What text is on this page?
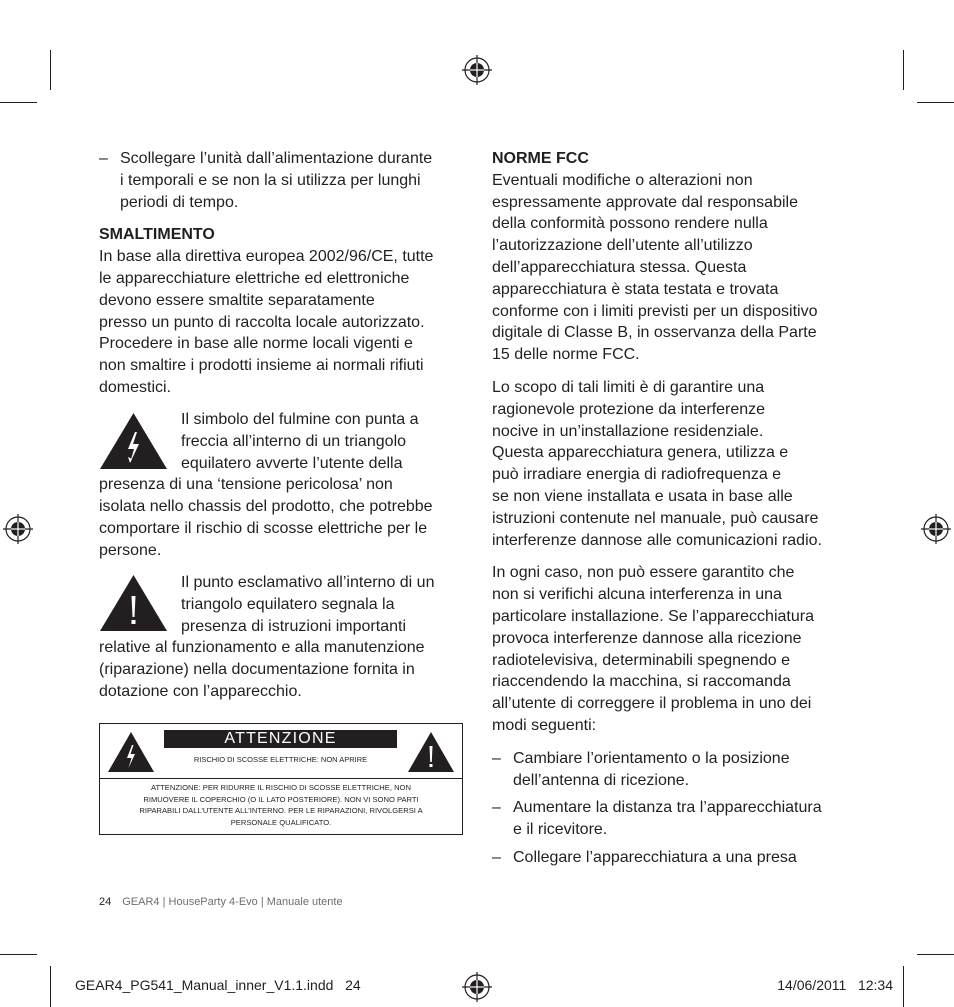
– Scollegare l’unità dall’alimentazione durante
i temporali e se non la si utilizza per lunghi
periodi di tempo.

SMALTIMENTO

In base alla direttiva europea 2002/96/CE, tutte
le apparecchiature elettriche ed elettroniche
devono essere smaltite separatamente
presso un punto di raccolta locale autorizzato.
Procedere in base alle norme locali vigenti e
non smaltire i prodotti insieme ai normali rifiuti
domestici.

Il simbolo del fulmine con punta a
freccia all’interno di un triangolo
equilatero avverte l’utente della

presenza di una ‘tensione pericolosa’ non
isolata nello chassis del prodotto, che potrebbe
comportare il rischio di scosse elettriche per le
persone.

Il punto esclamativo all’interno di un
triangolo equilatero segnala la
presenza di istruzioni importanti

relative al funzionamento e alla manutenzione
(riparazione) nella documentazione fornita in
dotazione con l’apparecchio.

ATTENZIONE
RISCHIO DI SCOSSE ELETTRICHE: NON APRIRE
ATTENZIONE: PER RIDURRE IL RISCHIO DI SCOSSE ELETTRICHE, NON
RIMUOVERE IL COPERCHIO (O IL LATO POSTERIORE). NON VI SONO PARTI
RIPARABILI DALL’UTENTE ALL’INTERNO. PER LE RIPARAZIONI, RIVOLGERSI A
PERSONALE QUALIFICATO.

NORME FCC

Eventuali modifiche o alterazioni non
espressamente approvate dal responsabile
della conformità possono rendere nulla
l’autorizzazione dell’utente all’utilizzo
dell’apparecchiatura stessa. Questa
apparecchiatura è stata testata e trovata
conforme con i limiti previsti per un dispositivo
digitale di Classe B, in osservanza della Parte
15 delle norme FCC.

Lo scopo di tali limiti è di garantire una
ragionevole protezione da interferenze
nocive in un’installazione residenziale.
Questa apparecchiatura genera, utilizza e
può irradiare energia di radiofrequenza e
se non viene installata e usata in base alle
istruzioni contenute nel manuale, può causare
interferenze dannose alle comunicazioni radio.

In ogni caso, non può essere garantito che
non si verifichi alcuna interferenza in una
particolare installazione. Se l’apparecchiatura
provoca interferenze dannose alla ricezione
radiotelevisiva, determinabili spegnendo e
riaccendendo la macchina, si raccomanda
all’utente di correggere il problema in uno dei
modi seguenti:

– Cambiare l’orientamento o la posizione
dell’antenna di ricezione.

– Aumentare la distanza tra l’apparecchiatura
e il ricevitore.

– Collegare l’apparecchiatura a una presa

24 GEAR4 | HouseParty 4-Evo | Manuale utente
GEAR4_PG541_Manual_inner_V1.1.indd   24	14/06/2011   12:34
